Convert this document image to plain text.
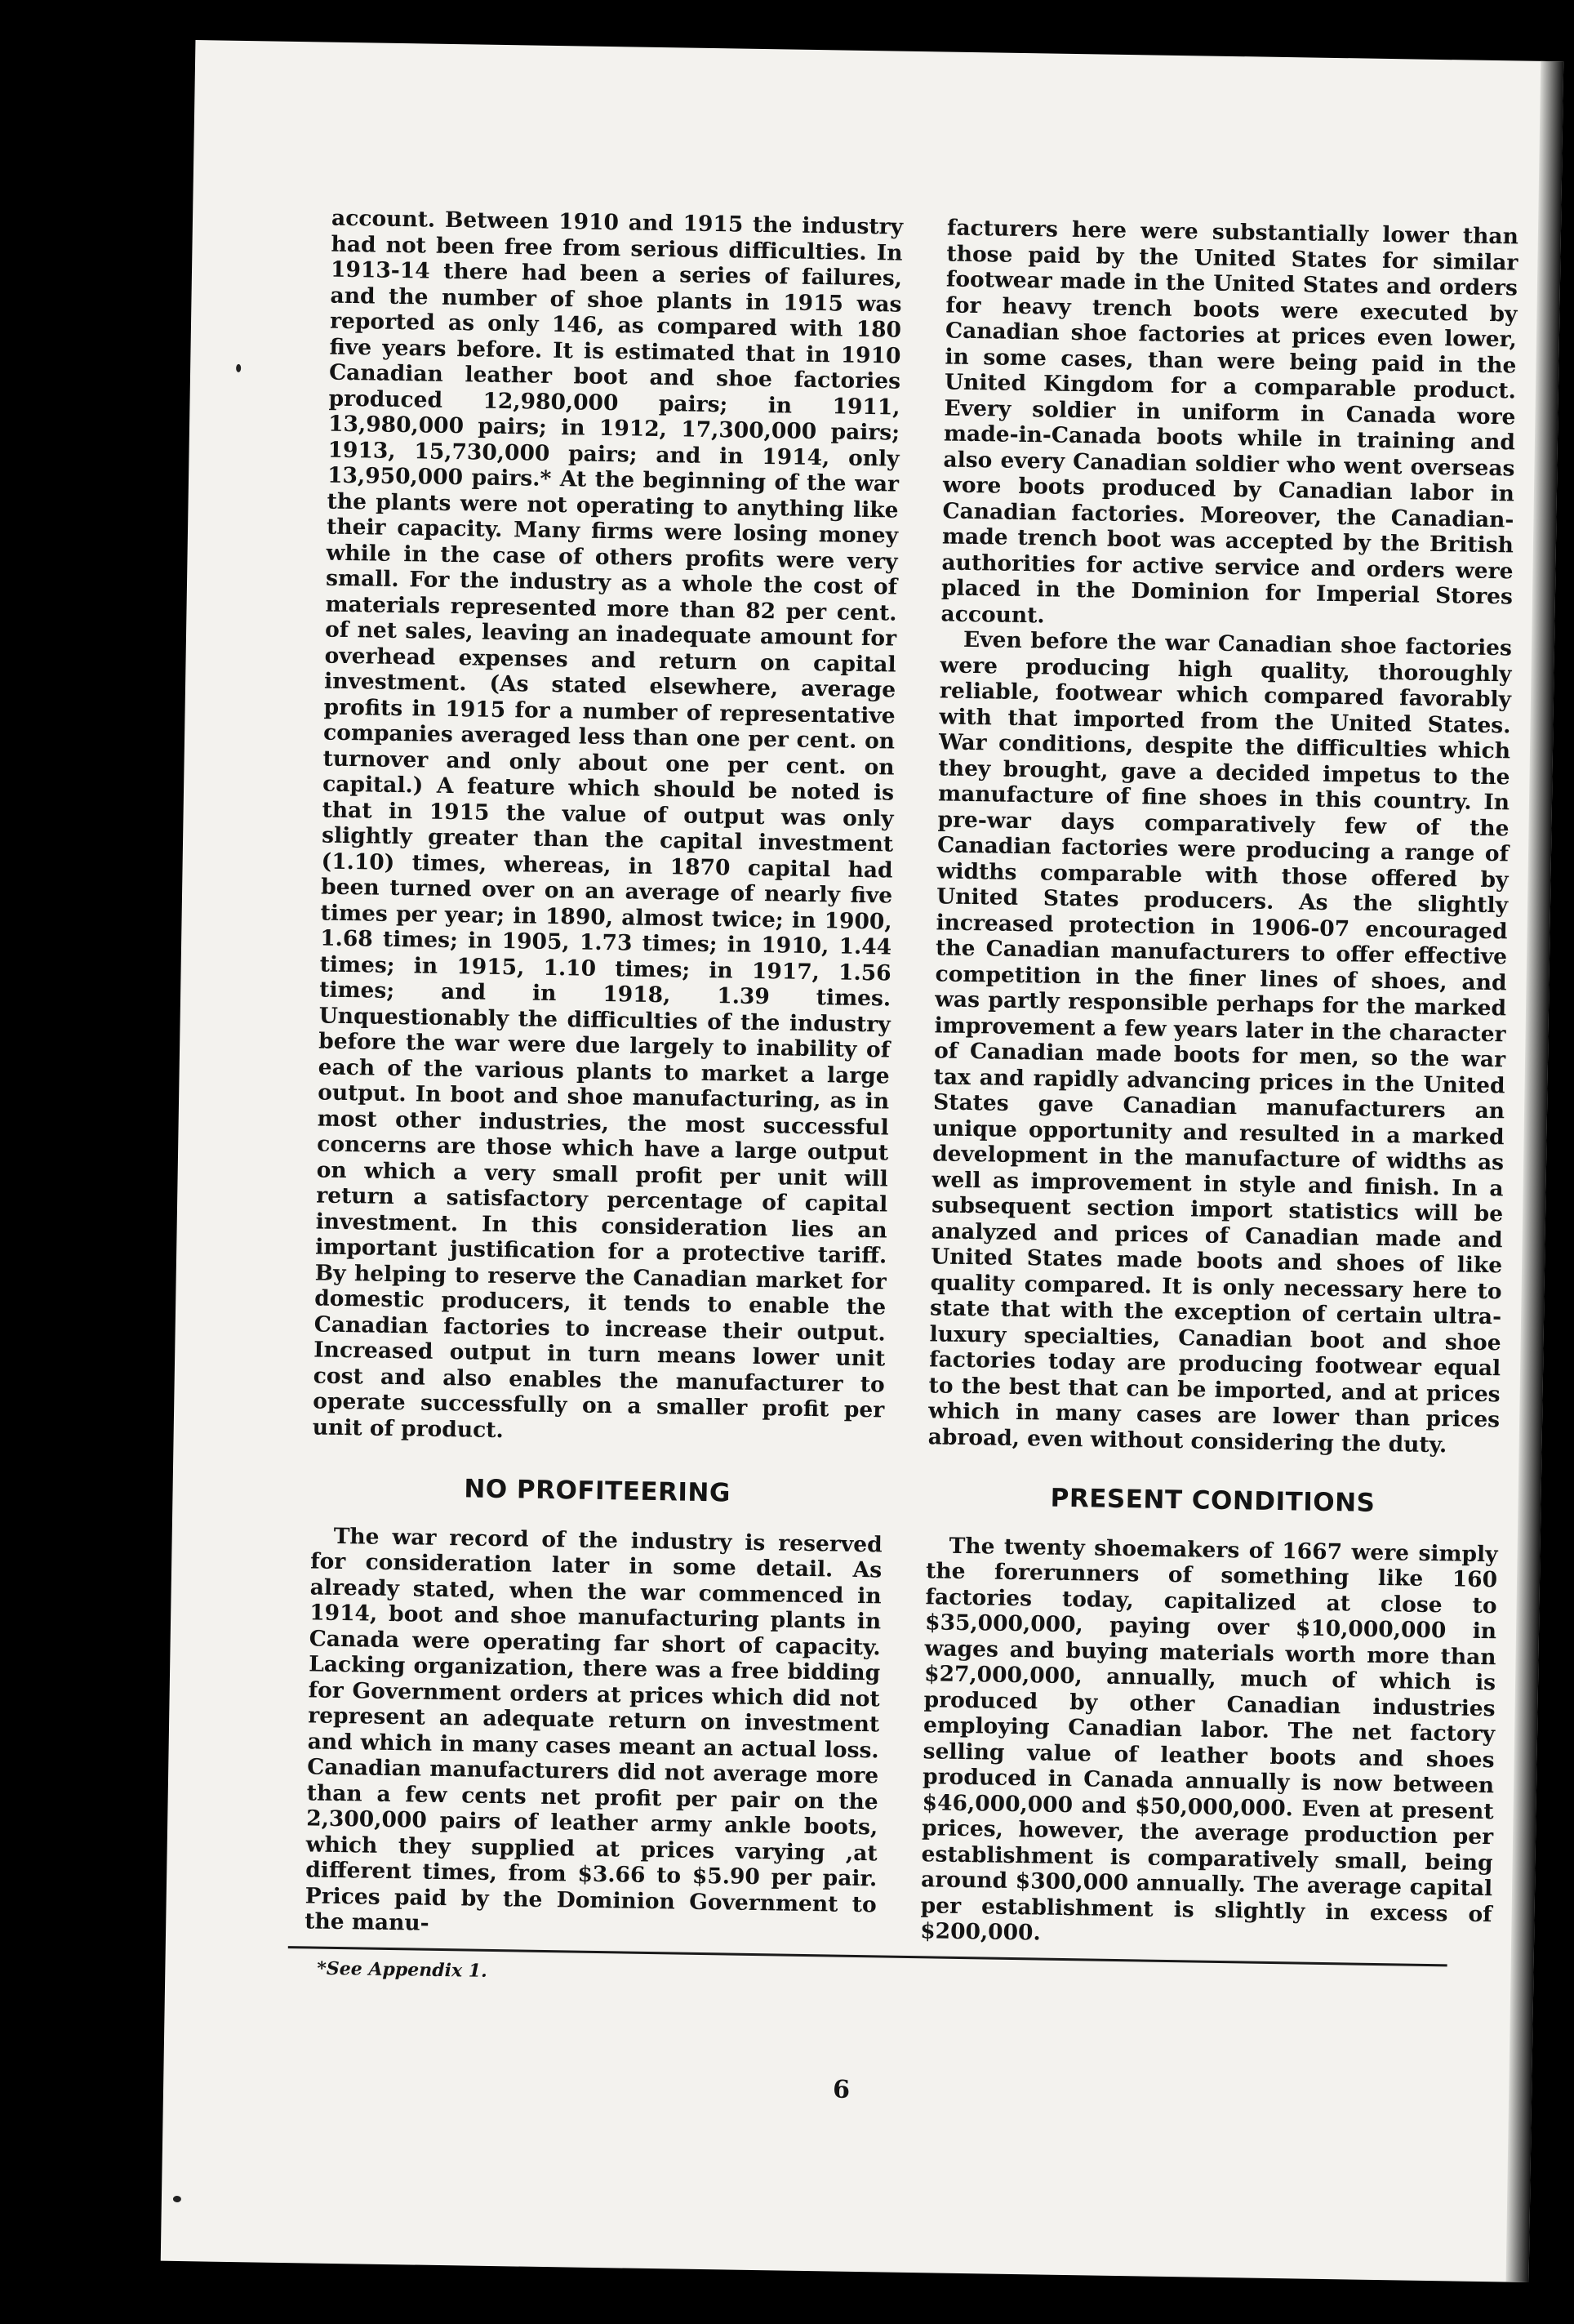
account. Between 1910 and 1915 the industry had not been free from serious difficulties. In 1913-14 there had been a series of failures, and the number of shoe plants in 1915 was reported as only 146, as compared with 180 five years before. It is estimated that in 1910 Canadian leather boot and shoe factories produced 12,980,000 pairs; in 1911, 13,980,000 pairs; in 1912, 17,300,000 pairs; 1913, 15,730,000 pairs; and in 1914, only 13,950,000 pairs.* At the beginning of the war the plants were not operating to anything like their capacity. Many firms were losing money while in the case of others profits were very small. For the industry as a whole the cost of materials represented more than 82 per cent. of net sales, leaving an inadequate amount for overhead expenses and return on capital investment. (As stated elsewhere, average profits in 1915 for a number of representative companies averaged less than one per cent. on turnover and only about one per cent. on capital.) A feature which should be noted is that in 1915 the value of output was only slightly greater than the capital investment (1.10) times, whereas, in 1870 capital had been turned over on an average of nearly five times per year; in 1890, almost twice; in 1900, 1.68 times; in 1905, 1.73 times; in 1910, 1.44 times; in 1915, 1.10 times; in 1917, 1.56 times; and in 1918, 1.39 times. Unquestionably the difficulties of the industry before the war were due largely to inability of each of the various plants to market a large output. In boot and shoe manufacturing, as in most other industries, the most successful concerns are those which have a large output on which a very small profit per unit will return a satisfactory percentage of capital investment. In this consideration lies an important justification for a protective tariff. By helping to reserve the Canadian market for domestic producers, it tends to enable the Canadian factories to increase their output. Increased output in turn means lower unit cost and also enables the manufacturer to operate successfully on a smaller profit per unit of product.

NO PROFITEERING

The war record of the industry is reserved for consideration later in some detail. As already stated, when the war commenced in 1914, boot and shoe manufacturing plants in Canada were operating far short of capacity. Lacking organization, there was a free bidding for Government orders at prices which did not represent an adequate return on investment and which in many cases meant an actual loss. Canadian manufacturers did not average more than a few cents net profit per pair on the 2,300,000 pairs of leather army ankle boots, which they supplied at prices varying ,at different times, from $3.66 to $5.90 per pair. Prices paid by the Dominion Government to the manu-

facturers here were substantially lower than those paid by the United States for similar footwear made in the United States and orders for heavy trench boots were executed by Canadian shoe factories at prices even lower, in some cases, than were being paid in the United Kingdom for a comparable product. Every soldier in uniform in Canada wore made-in-Canada boots while in training and also every Canadian soldier who went overseas wore boots produced by Canadian labor in Canadian factories. Moreover, the Canadian-made trench boot was accepted by the British authorities for active service and orders were placed in the Dominion for Imperial Stores account.

Even before the war Canadian shoe factories were producing high quality, thoroughly reliable, footwear which compared favorably with that imported from the United States. War conditions, despite the difficulties which they brought, gave a decided impetus to the manufacture of fine shoes in this country. In pre-war days comparatively few of the Canadian factories were producing a range of widths comparable with those offered by United States producers. As the slightly increased protection in 1906-07 encouraged the Canadian manufacturers to offer effective competition in the finer lines of shoes, and was partly responsible perhaps for the marked improvement a few years later in the character of Canadian made boots for men, so the war tax and rapidly advancing prices in the United States gave Canadian manufacturers an unique opportunity and resulted in a marked development in the manufacture of widths as well as improvement in style and finish. In a subsequent section import statistics will be analyzed and prices of Canadian made and United States made boots and shoes of like quality compared. It is only necessary here to state that with the exception of certain ultra-luxury specialties, Canadian boot and shoe factories today are producing footwear equal to the best that can be imported, and at prices which in many cases are lower than prices abroad, even without considering the duty.

PRESENT CONDITIONS

The twenty shoemakers of 1667 were simply the forerunners of something like 160 factories today, capitalized at close to $35,000,000, paying over $10,000,000 in wages and buying materials worth more than $27,000,000, annually, much of which is produced by other Canadian industries employing Canadian labor. The net factory selling value of leather boots and shoes produced in Canada annually is now between $46,000,000 and $50,000,000. Even at present prices, however, the average production per establishment is comparatively small, being around $300,000 annually. The average capital per establishment is slightly in excess of $200,000.

*See Appendix 1.
6
